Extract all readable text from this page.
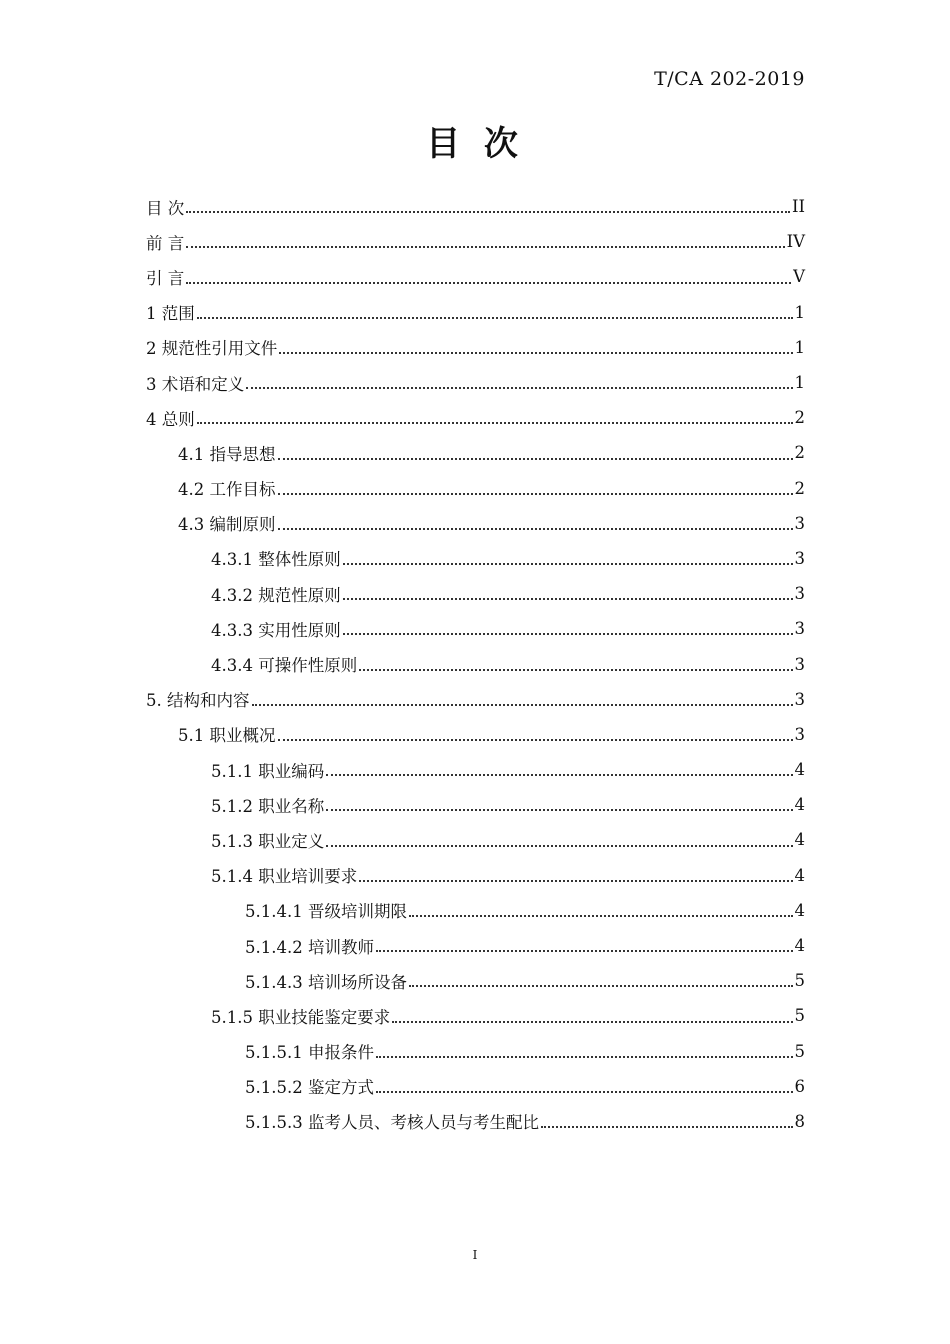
T/CA 202-2019
目 次
目 次	II
前 言	IV
引 言	V
1 范围	1
2 规范性引用文件	1
3 术语和定义	1
4 总则	2
4.1 指导思想	2
4.2 工作目标	2
4.3 编制原则	3
4.3.1 整体性原则	3
4.3.2 规范性原则	3
4.3.3 实用性原则	3
4.3.4 可操作性原则	3
5. 结构和内容	3
5.1 职业概况	3
5.1.1 职业编码	4
5.1.2 职业名称	4
5.1.3 职业定义	4
5.1.4 职业培训要求	4
5.1.4.1 晋级培训期限	4
5.1.4.2 培训教师	4
5.1.4.3 培训场所设备	5
5.1.5 职业技能鉴定要求	5
5.1.5.1 申报条件	5
5.1.5.2 鉴定方式	6
5.1.5.3 监考人员、考核人员与考生配比	8
I
